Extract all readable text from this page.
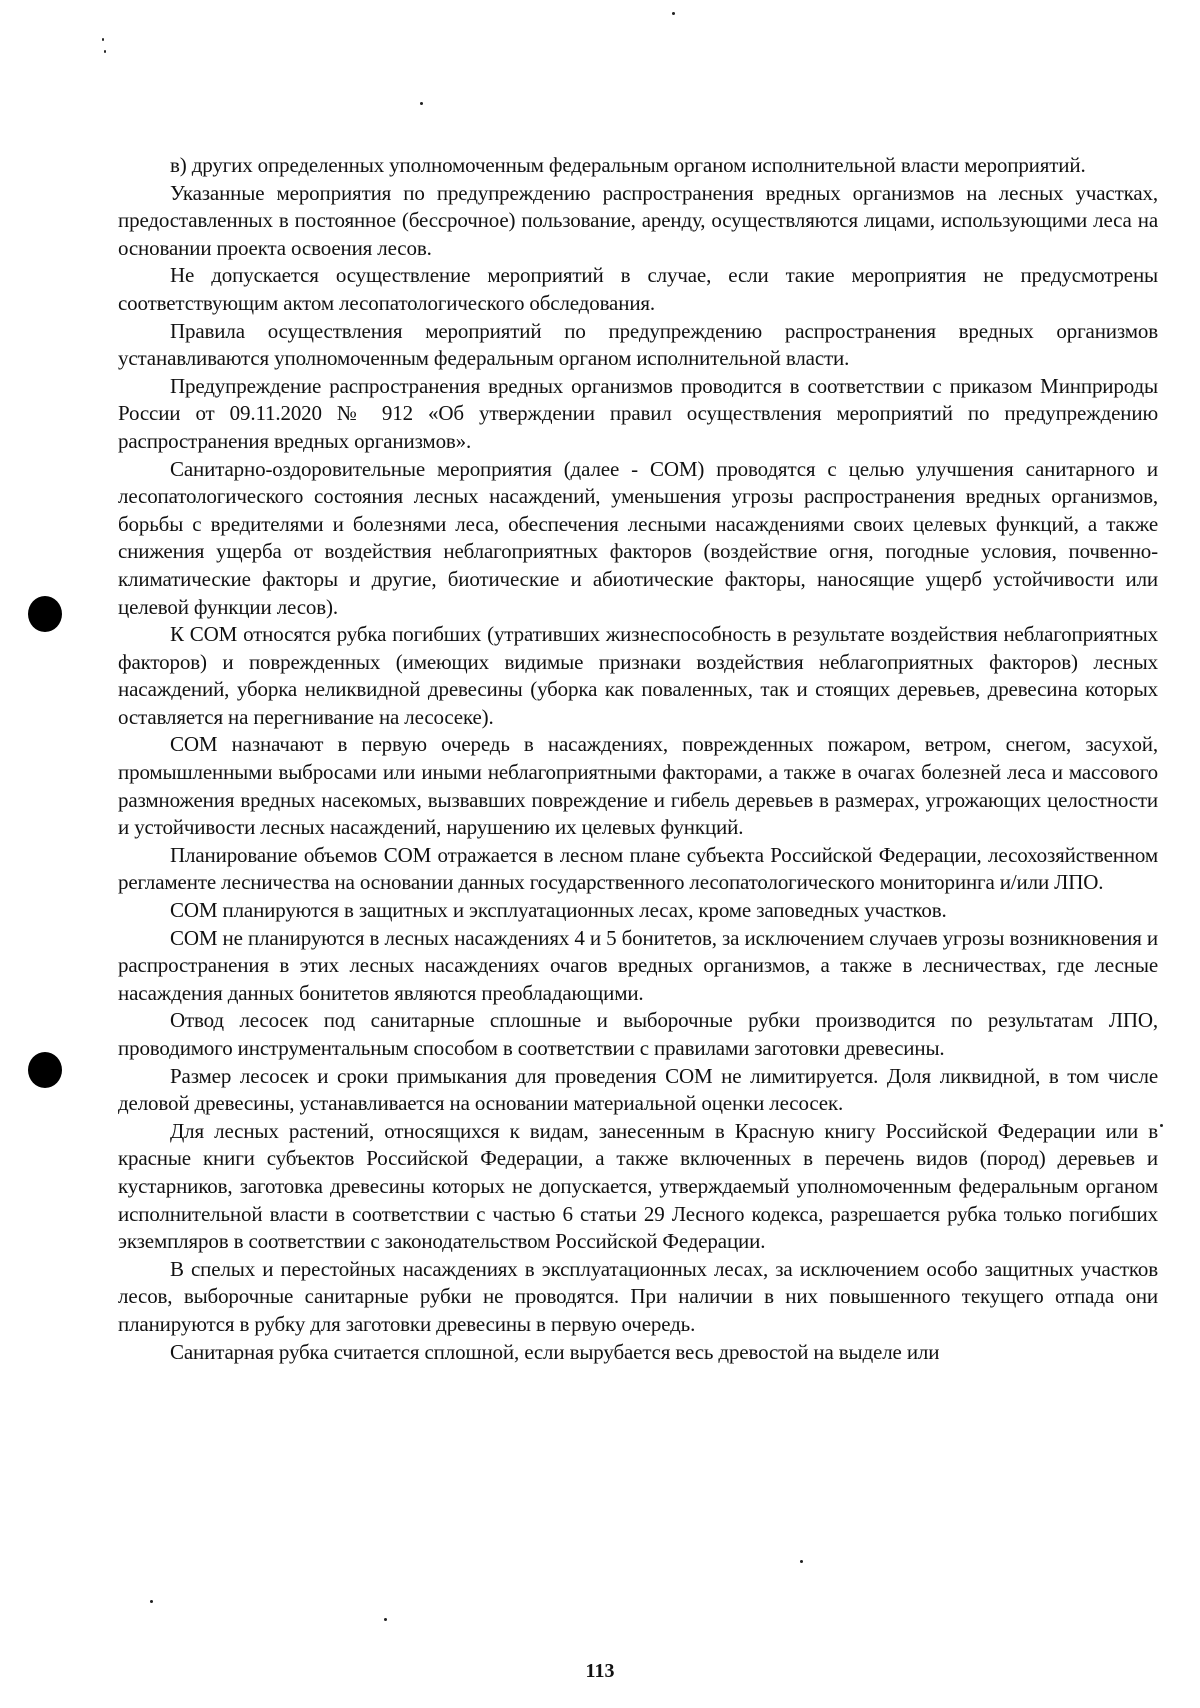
в) других определенных уполномоченным федеральным органом исполнительной власти мероприятий.

Указанные мероприятия по предупреждению распространения вредных организмов на лесных участках, предоставленных в постоянное (бессрочное) пользование, аренду, осуществляются лицами, использующими леса на основании проекта освоения лесов.

Не допускается осуществление мероприятий в случае, если такие мероприятия не предусмотрены соответствующим актом лесопатологического обследования.

Правила осуществления мероприятий по предупреждению распространения вредных организмов устанавливаются уполномоченным федеральным органом исполнительной власти.

Предупреждение распространения вредных организмов проводится в соответствии с приказом Минприроды России от 09.11.2020 № 912 «Об утверждении правил осуществления мероприятий по предупреждению распространения вредных организмов».

Санитарно-оздоровительные мероприятия (далее - СОМ) проводятся с целью улучшения санитарного и лесопатологического состояния лесных насаждений, уменьшения угрозы распространения вредных организмов, борьбы с вредителями и болезнями леса, обеспечения лесными насаждениями своих целевых функций, а также снижения ущерба от воздействия неблагоприятных факторов (воздействие огня, погодные условия, почвенно-климатические факторы и другие, биотические и абиотические факторы, наносящие ущерб устойчивости или целевой функции лесов).

К СОМ относятся рубка погибших (утративших жизнеспособность в результате воздействия неблагоприятных факторов) и поврежденных (имеющих видимые признаки воздействия неблагоприятных факторов) лесных насаждений, уборка неликвидной древесины (уборка как поваленных, так и стоящих деревьев, древесина которых оставляется на перегнивание на лесосеке).

СОМ назначают в первую очередь в насаждениях, поврежденных пожаром, ветром, снегом, засухой, промышленными выбросами или иными неблагоприятными факторами, а также в очагах болезней леса и массового размножения вредных насекомых, вызвавших повреждение и гибель деревьев в размерах, угрожающих целостности и устойчивости лесных насаждений, нарушению их целевых функций.

Планирование объемов СОМ отражается в лесном плане субъекта Российской Федерации, лесохозяйственном регламенте лесничества на основании данных государственного лесопатологического мониторинга и/или ЛПО.

СОМ планируются в защитных и эксплуатационных лесах, кроме заповедных участков.

СОМ не планируются в лесных насаждениях 4 и 5 бонитетов, за исключением случаев угрозы возникновения и распространения в этих лесных насаждениях очагов вредных организмов, а также в лесничествах, где лесные насаждения данных бонитетов являются преобладающими.

Отвод лесосек под санитарные сплошные и выборочные рубки производится по результатам ЛПО, проводимого инструментальным способом в соответствии с правилами заготовки древесины.

Размер лесосек и сроки примыкания для проведения СОМ не лимитируется. Доля ликвидной, в том числе деловой древесины, устанавливается на основании материальной оценки лесосек.

Для лесных растений, относящихся к видам, занесенным в Красную книгу Российской Федерации или в красные книги субъектов Российской Федерации, а также включенных в перечень видов (пород) деревьев и кустарников, заготовка древесины которых не допускается, утверждаемый уполномоченным федеральным органом исполнительной власти в соответствии с частью 6 статьи 29 Лесного кодекса, разрешается рубка только погибших экземпляров в соответствии с законодательством Российской Федерации.

В спелых и перестойных насаждениях в эксплуатационных лесах, за исключением особо защитных участков лесов, выборочные санитарные рубки не проводятся. При наличии в них повышенного текущего отпада они планируются в рубку для заготовки древесины в первую очередь.

Санитарная рубка считается сплошной, если вырубается весь древостой на выделе или

113
